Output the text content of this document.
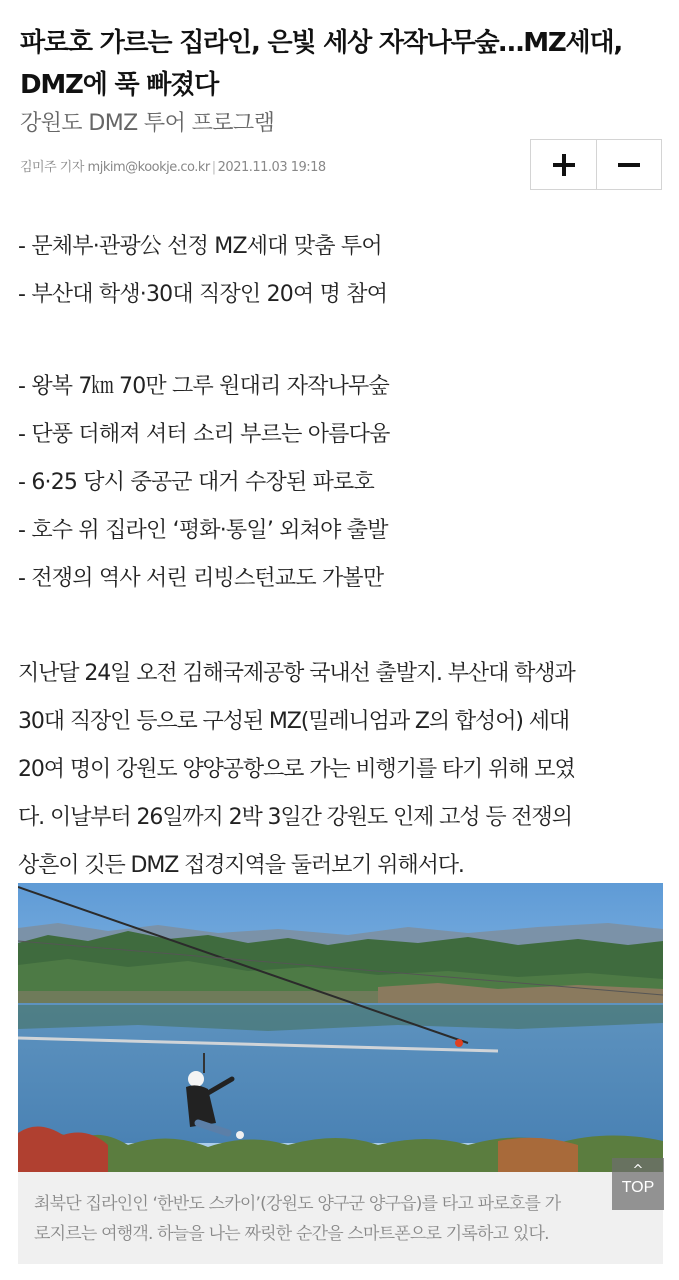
파로호 가르는 집라인, 은빛 세상 자작나무숲…MZ세대,
DMZ에 푹 빠졌다
강원도 DMZ 투어 프로그램
김미주 기자 mjkim@kookje.co.kr | 2021.11.03 19:18
- 문체부·관광公 선정 MZ세대 맞춤 투어
- 부산대 학생·30대 직장인 20여 명 참여
- 왕복 7㎞ 70만 그루 원대리 자작나무숲
- 단풍 더해져 셔터 소리 부르는 아름다움
- 6·25 당시 중공군 대거 수장된 파로호
- 호수 위 집라인 ‘평화·통일’ 외쳐야 출발
- 전쟁의 역사 서린 리빙스턴교도 가볼만
지난달 24일 오전 김해국제공항 국내선 출발지. 부산대 학생과
30대 직장인 등으로 구성된 MZ(밀레니엄과 Z의 합성어) 세대
20여 명이 강원도 양양공항으로 가는 비행기를 타기 위해 모였
다. 이날부터 26일까지 2박 3일간 강원도 인제 고성 등 전쟁의
상흔이 깃든 DMZ 접경지역을 둘러보기 위해서다.
최북단 집라인인 ‘한반도 스카이’(강원도 양구군 양구읍)를 타고 파로호를 가
로지르는 여행객. 하늘을 나는 짜릿한 순간을 스마트폰으로 기록하고 있다.
^
TOP
